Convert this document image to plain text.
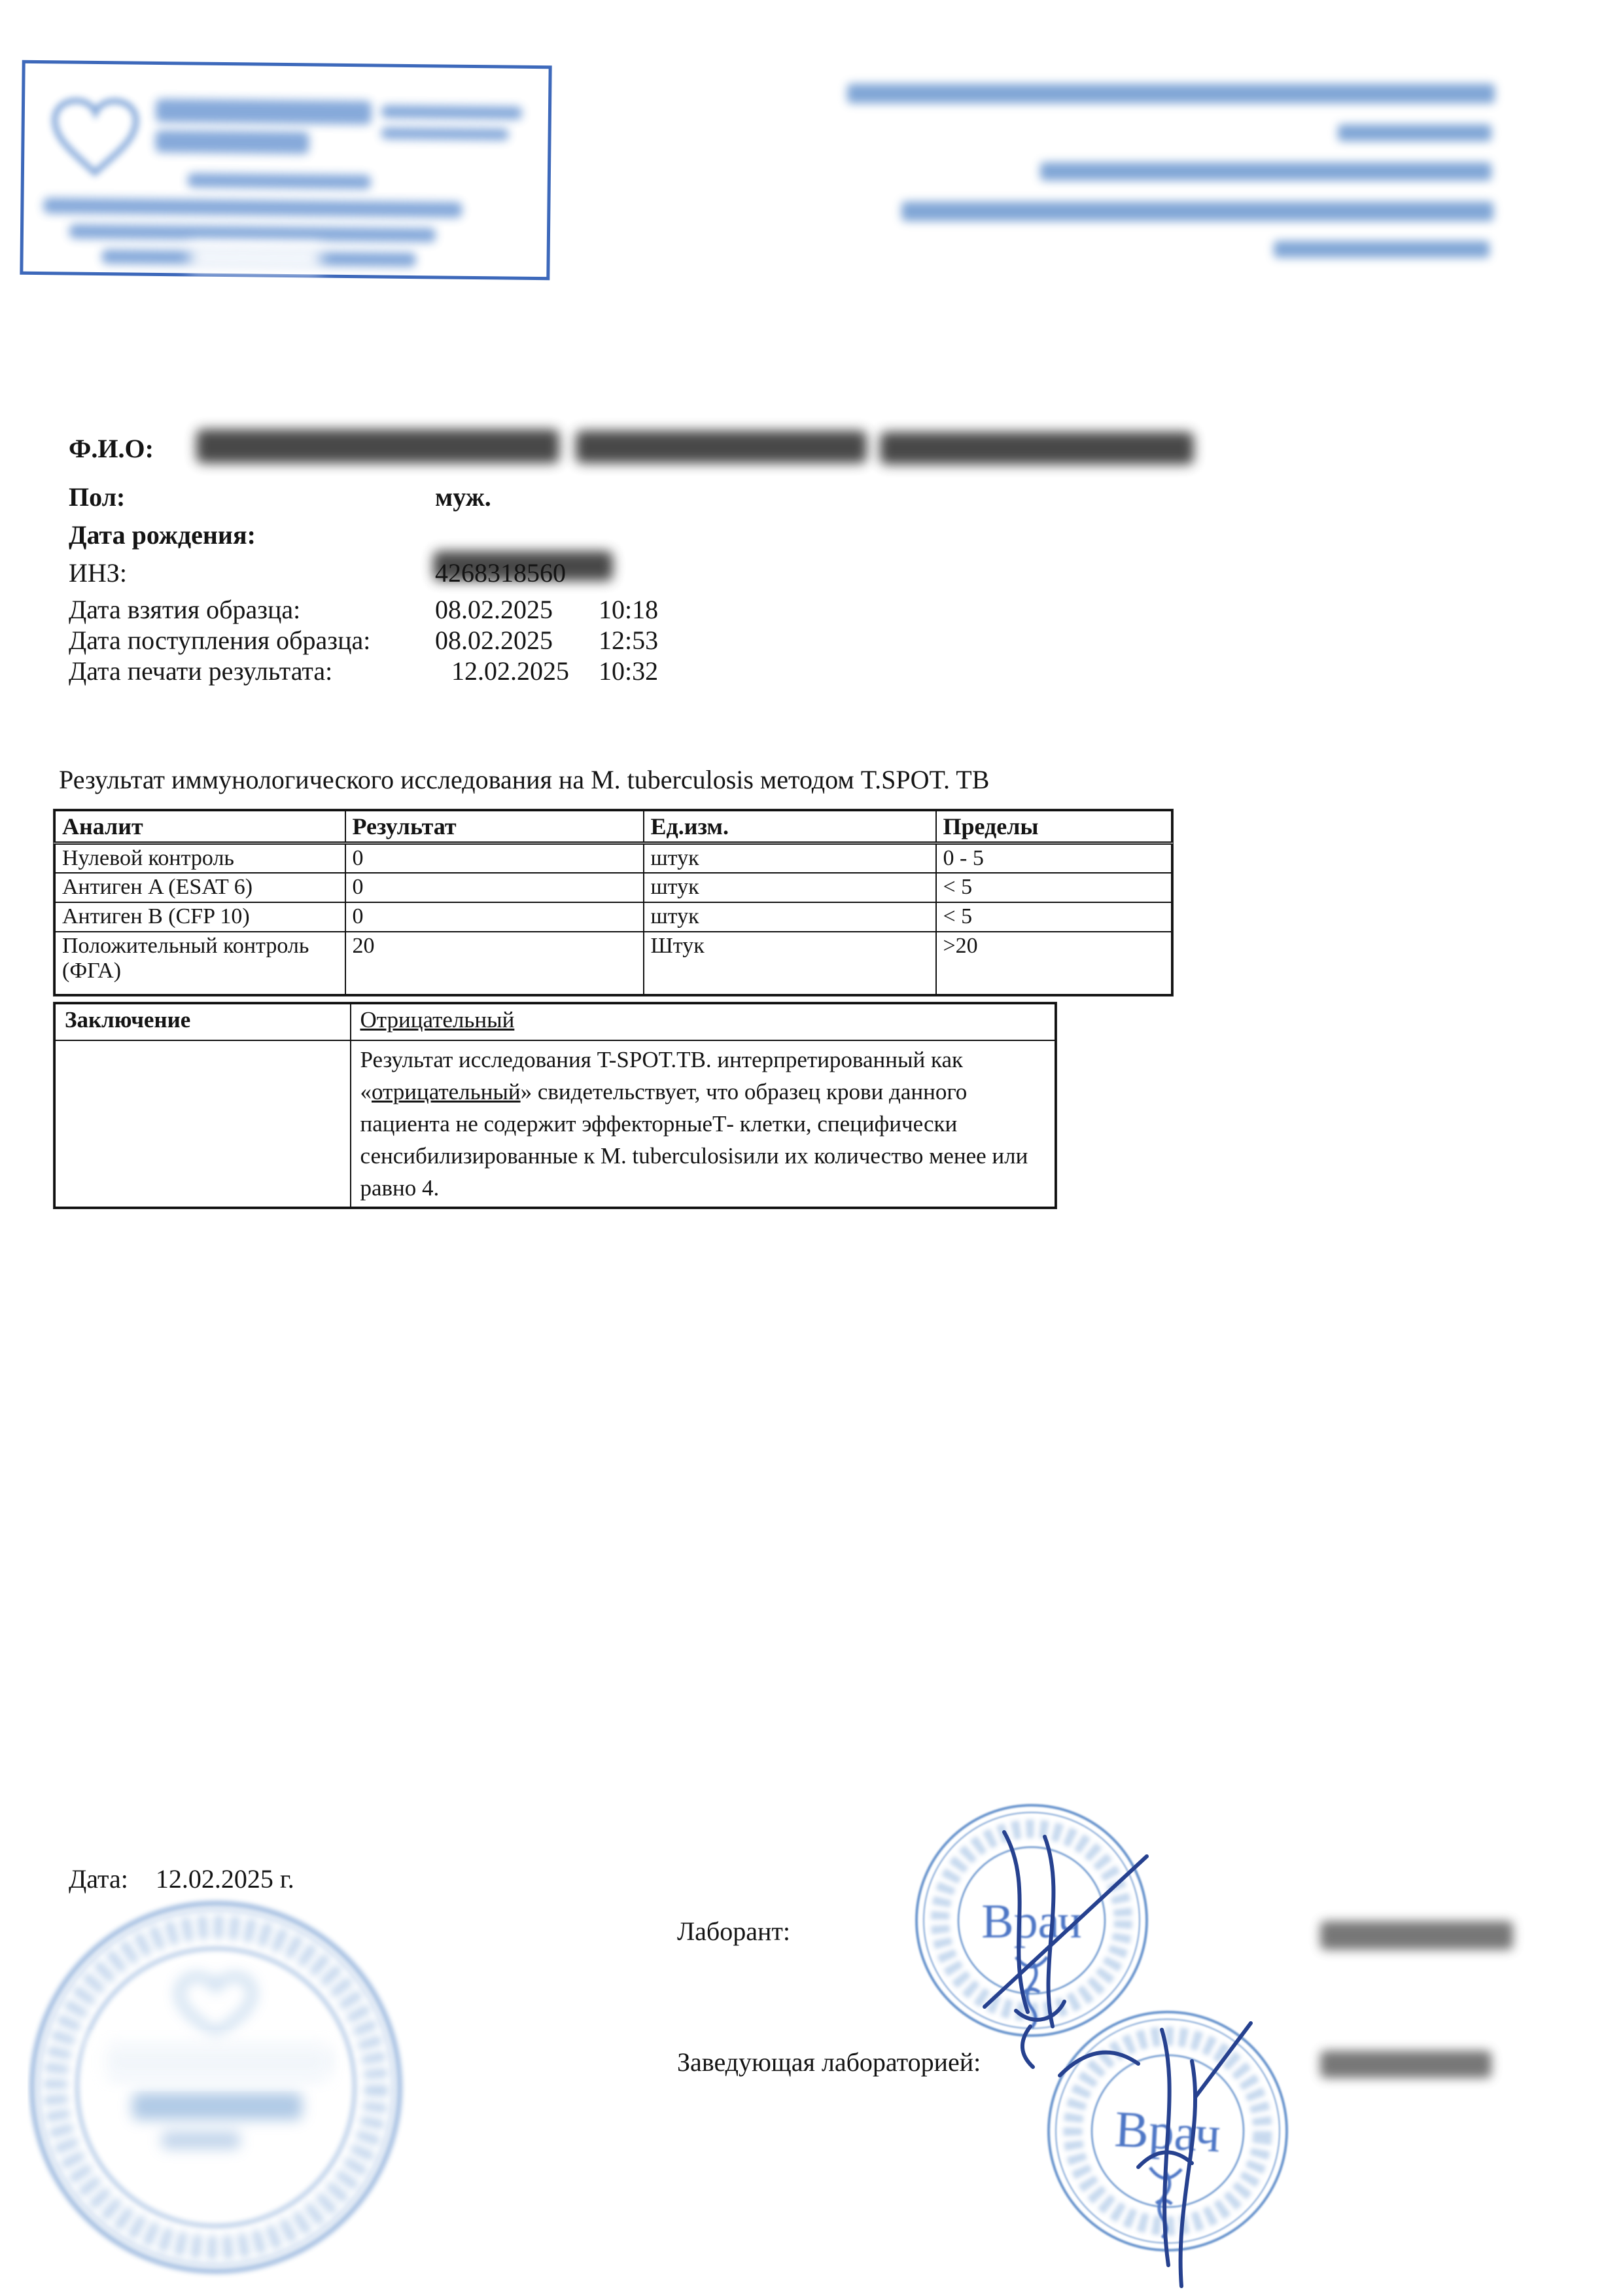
Ф.И.О:
Пол:	муж.
Дата рождения:
ИНЗ:	4268318560
Дата взятия образца:	08.02.2025 10:18
Дата поступления образца: 08.02.2025 12:53
Дата печати результата:	12.02.2025 10:32
Результат иммунологического исследования на M. tuberculosis методом T.SPOT. TB
Аналит	Результат	Ед.изм.	Пределы
Нулевой контроль	0	штук	0 - 5
Антиген A (ESAT 6)	0	штук	< 5
Антиген B (CFP 10)	0	штук	< 5
Положительный контроль (ФГА)	20	Штук	>20
Заключение	Отрицательный
	Результат исследования T-SPOT.TB. интерпретированный как «отрицательный» свидетельствует, что образец крови данного пациента не содержит эффекторныеТ- клетки, специфически сенсибилизированные к M. tuberculosisили их количество менее или равно 4.
Дата: 12.02.2025 г.
Лаборант:
Заведующая лабораторией:
Врач
Врач
